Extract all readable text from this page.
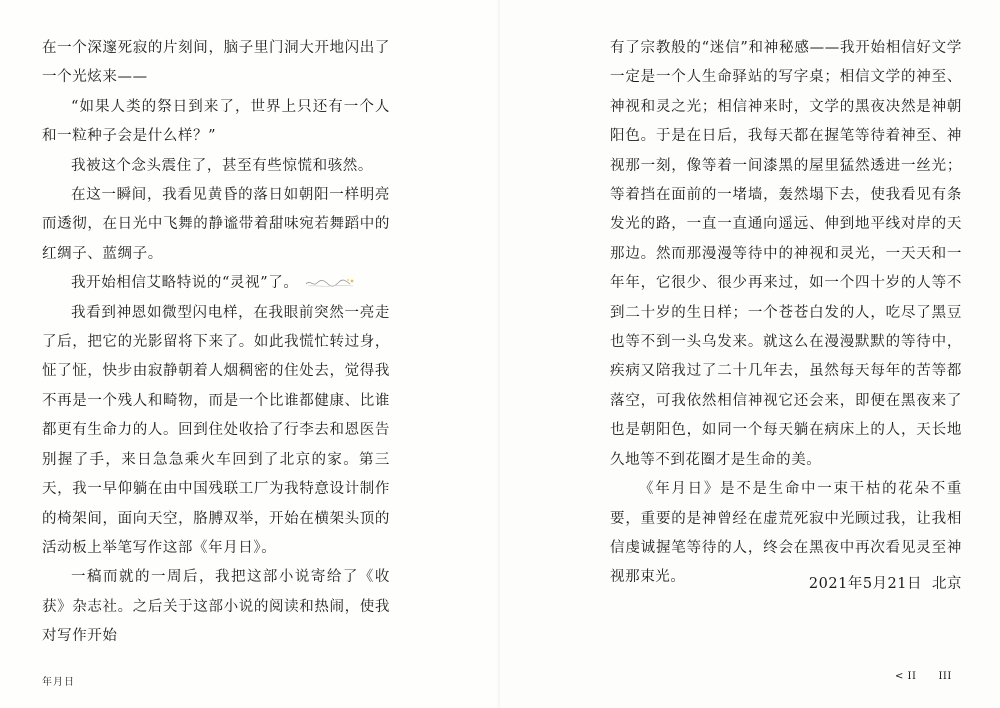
在一个深邃死寂的片刻间，脑子里门洞大开地闪出了一个光炫来——

“如果人类的祭日到来了，世界上只还有一个人和一粒种子会是什么样？”

我被这个念头震住了，甚至有些惊慌和骇然。

在这一瞬间，我看见黄昏的落日如朝阳一样明亮而透彻，在日光中飞舞的静谧带着甜味宛若舞蹈中的红绸子、蓝绸子。

我开始相信艾略特说的“灵视”了。

我看到神恩如微型闪电样，在我眼前突然一亮走了后，把它的光影留将下来了。如此我慌忙转过身，怔了怔，快步由寂静朝着人烟稠密的住处去，觉得我不再是一个残人和畸物，而是一个比谁都健康、比谁都更有生命力的人。回到住处收拾了行李去和恩医告别握了手，来日急急乘火车回到了北京的家。第三天，我一早仰躺在由中国残联工厂为我特意设计制作的椅架间，面向天空，胳膊双举，开始在横架头顶的活动板上举笔写作这部《年月日》。

一稿而就的一周后，我把这部小说寄给了《收获》杂志社。之后关于这部小说的阅读和热闹，使我对写作开始

年月日

有了宗教般的“迷信”和神秘感——我开始相信好文学一定是一个人生命驿站的写字桌；相信文学的神至、神视和灵之光；相信神来时，文学的黑夜决然是神朝阳色。于是在日后，我每天都在握笔等待着神至、神视那一刻，像等着一间漆黑的屋里猛然透进一丝光；等着挡在面前的一堵墙，轰然塌下去，使我看见有条发光的路，一直一直通向遥远、伸到地平线对岸的天那边。然而那漫漫等待中的神视和灵光，一天天和一年年，它很少、很少再来过，如一个四十岁的人等不到二十岁的生日样；一个苍苍白发的人，吃尽了黑豆也等不到一头乌发来。就这么在漫漫默默的等待中，疾病又陪我过了二十几年去，虽然每天每年的苦等都落空，可我依然相信神视它还会来，即便在黑夜来了也是朝阳色，如同一个每天躺在病床上的人，天长地久地等不到花圈才是生命的美。

《年月日》是不是生命中一束干枯的花朵不重要，重要的是神曾经在虚荒死寂中光顾过我，让我相信虔诚握笔等待的人，终会在黑夜中再次看见灵至神视那束光。	2021年5月21日 北京
< II III
